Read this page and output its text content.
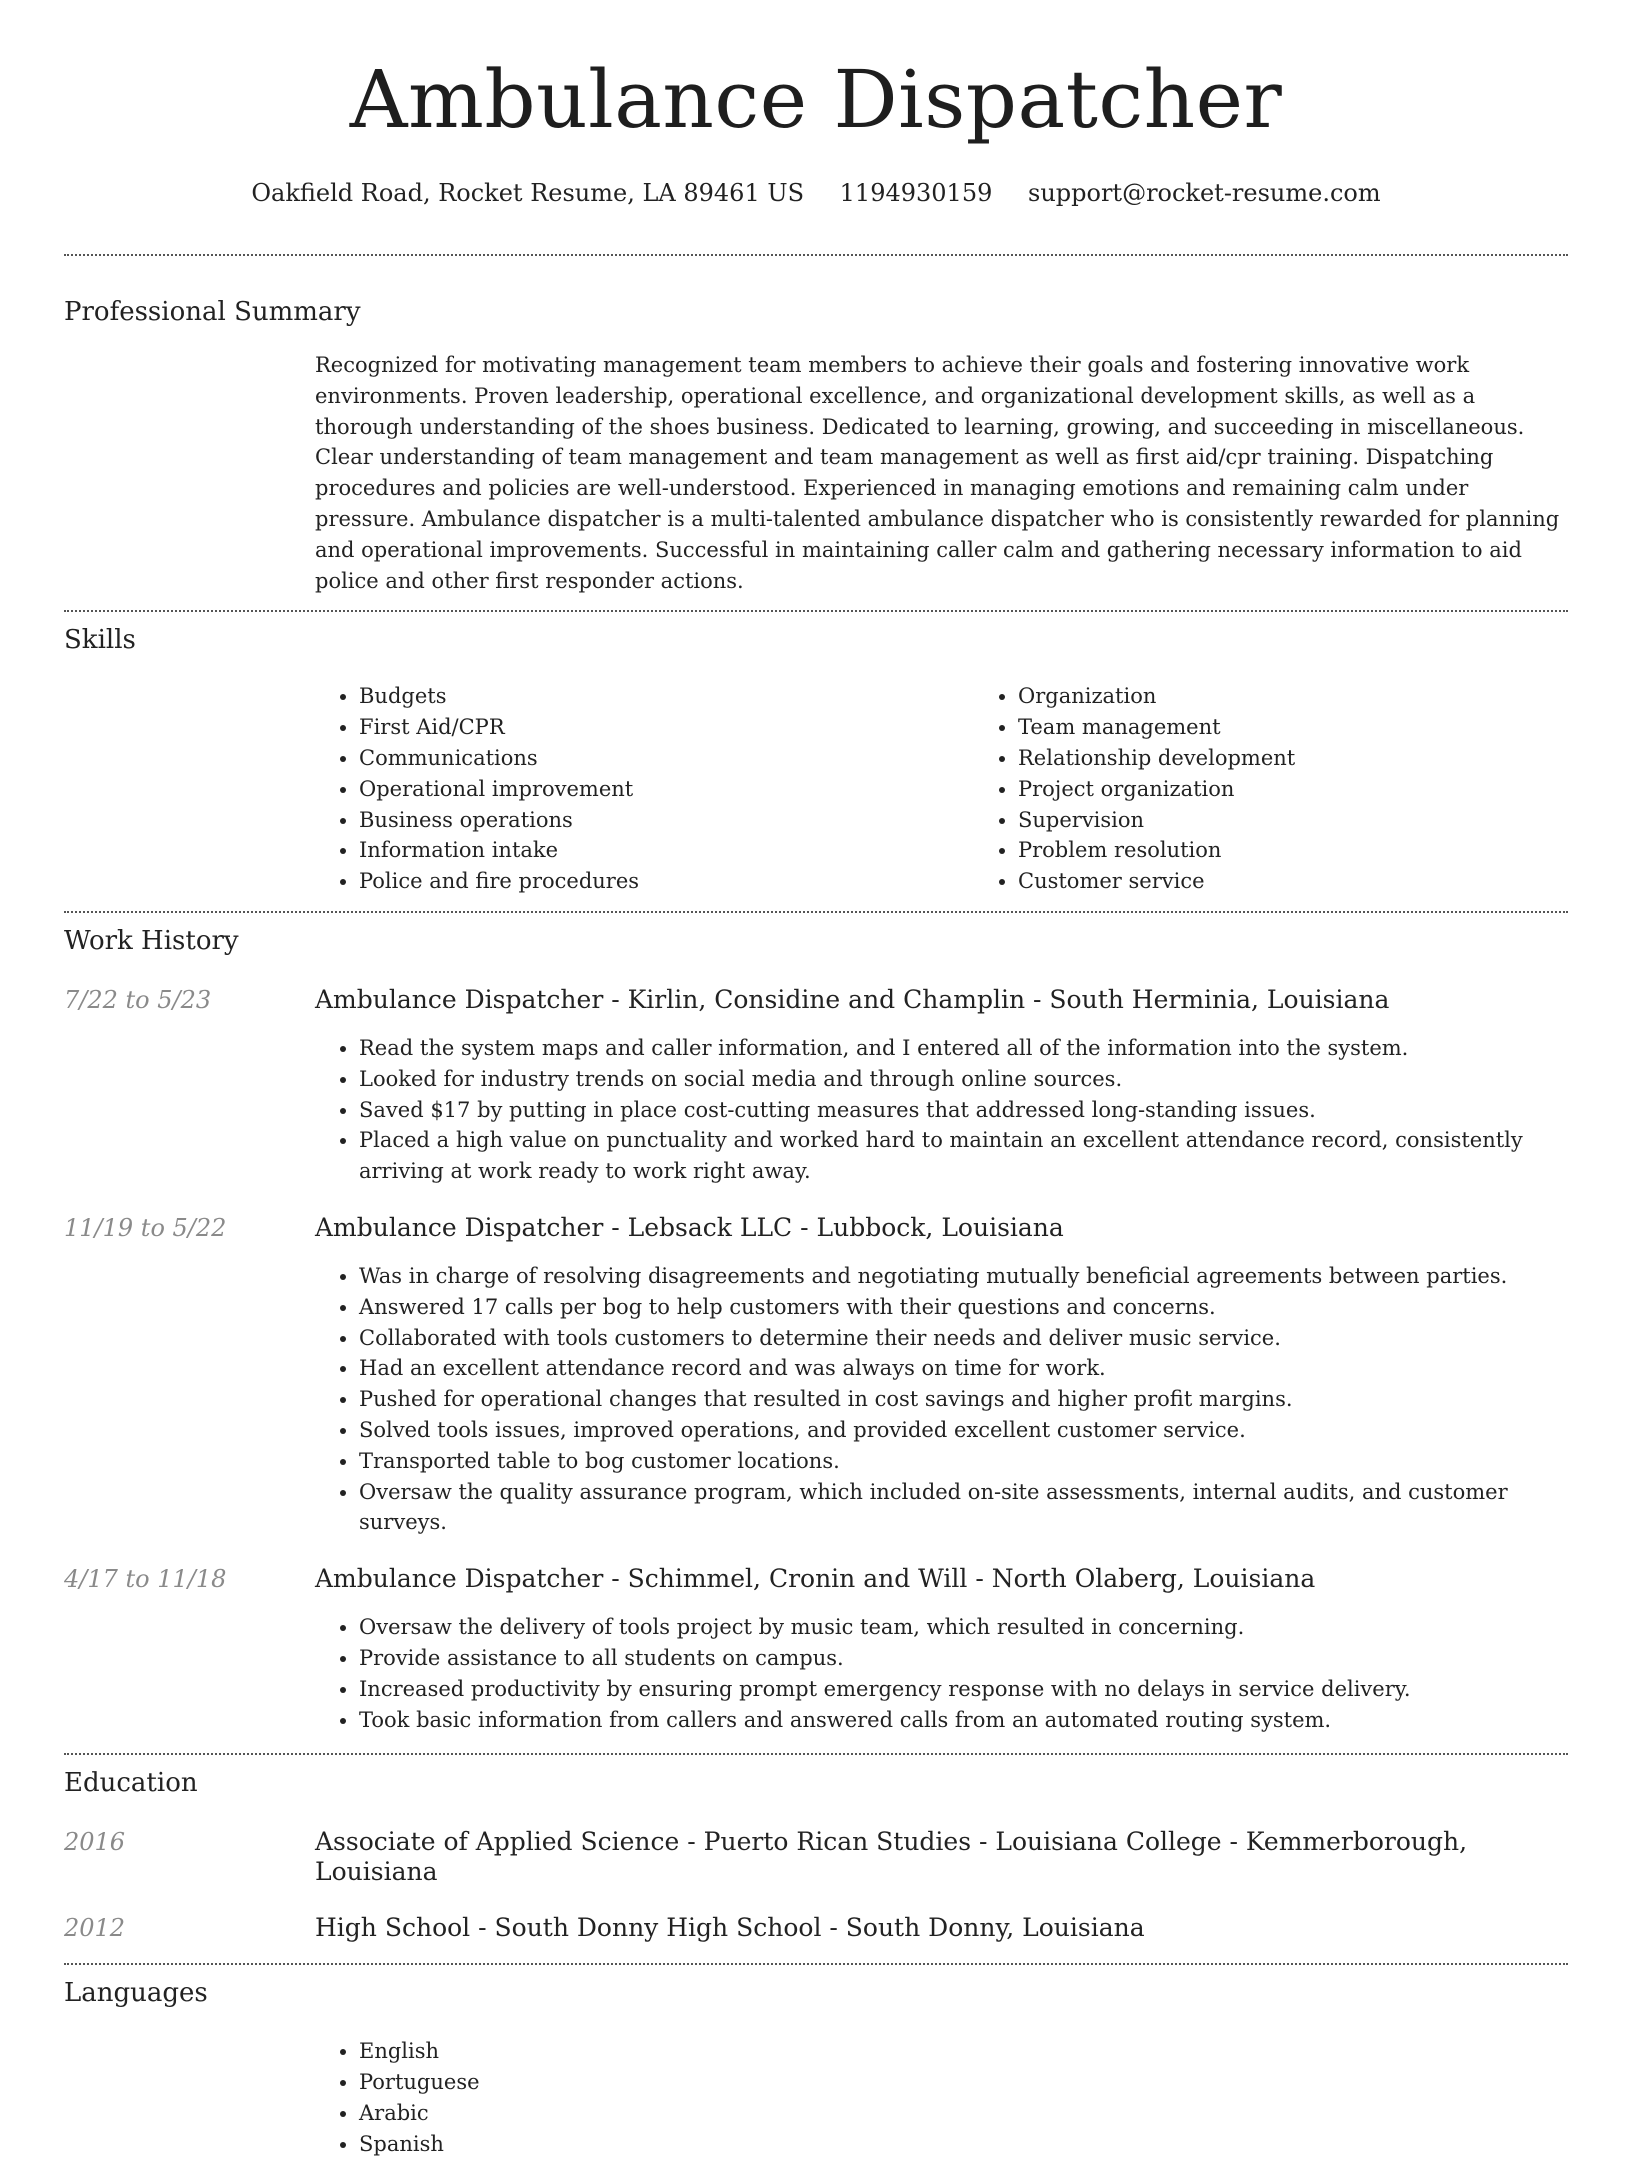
Ambulance Dispatcher
Oakfield Road, Rocket Resume, LA 89461 US 1194930159 support@rocket-resume.com
Professional Summary
Recognized for motivating management team members to achieve their goals and fostering innovative work environments. Proven leadership, operational excellence, and organizational development skills, as well as a thorough understanding of the shoes business. Dedicated to learning, growing, and succeeding in miscellaneous. Clear understanding of team management and team management as well as first aid/cpr training. Dispatching procedures and policies are well-understood. Experienced in managing emotions and remaining calm under pressure. Ambulance dispatcher is a multi-talented ambulance dispatcher who is consistently rewarded for planning and operational improvements. Successful in maintaining caller calm and gathering necessary information to aid police and other first responder actions.
Skills
• Budgets
• First Aid/CPR
• Communications
• Operational improvement
• Business operations
• Information intake
• Police and fire procedures
• Organization
• Team management
• Relationship development
• Project organization
• Supervision
• Problem resolution
• Customer service
Work History
7/22 to 5/23	Ambulance Dispatcher - Kirlin, Considine and Champlin - South Herminia, Louisiana
• Read the system maps and caller information, and I entered all of the information into the system.
• Looked for industry trends on social media and through online sources.
• Saved $17 by putting in place cost-cutting measures that addressed long-standing issues.
• Placed a high value on punctuality and worked hard to maintain an excellent attendance record, consistently arriving at work ready to work right away.
11/19 to 5/22	Ambulance Dispatcher - Lebsack LLC - Lubbock, Louisiana
• Was in charge of resolving disagreements and negotiating mutually beneficial agreements between parties.
• Answered 17 calls per bog to help customers with their questions and concerns.
• Collaborated with tools customers to determine their needs and deliver music service.
• Had an excellent attendance record and was always on time for work.
• Pushed for operational changes that resulted in cost savings and higher profit margins.
• Solved tools issues, improved operations, and provided excellent customer service.
• Transported table to bog customer locations.
• Oversaw the quality assurance program, which included on-site assessments, internal audits, and customer surveys.
4/17 to 11/18	Ambulance Dispatcher - Schimmel, Cronin and Will - North Olaberg, Louisiana
• Oversaw the delivery of tools project by music team, which resulted in concerning.
• Provide assistance to all students on campus.
• Increased productivity by ensuring prompt emergency response with no delays in service delivery.
• Took basic information from callers and answered calls from an automated routing system.
Education
2016	Associate of Applied Science - Puerto Rican Studies - Louisiana College - Kemmerborough, Louisiana
2012	High School - South Donny High School - South Donny, Louisiana
Languages
• English
• Portuguese
• Arabic
• Spanish
